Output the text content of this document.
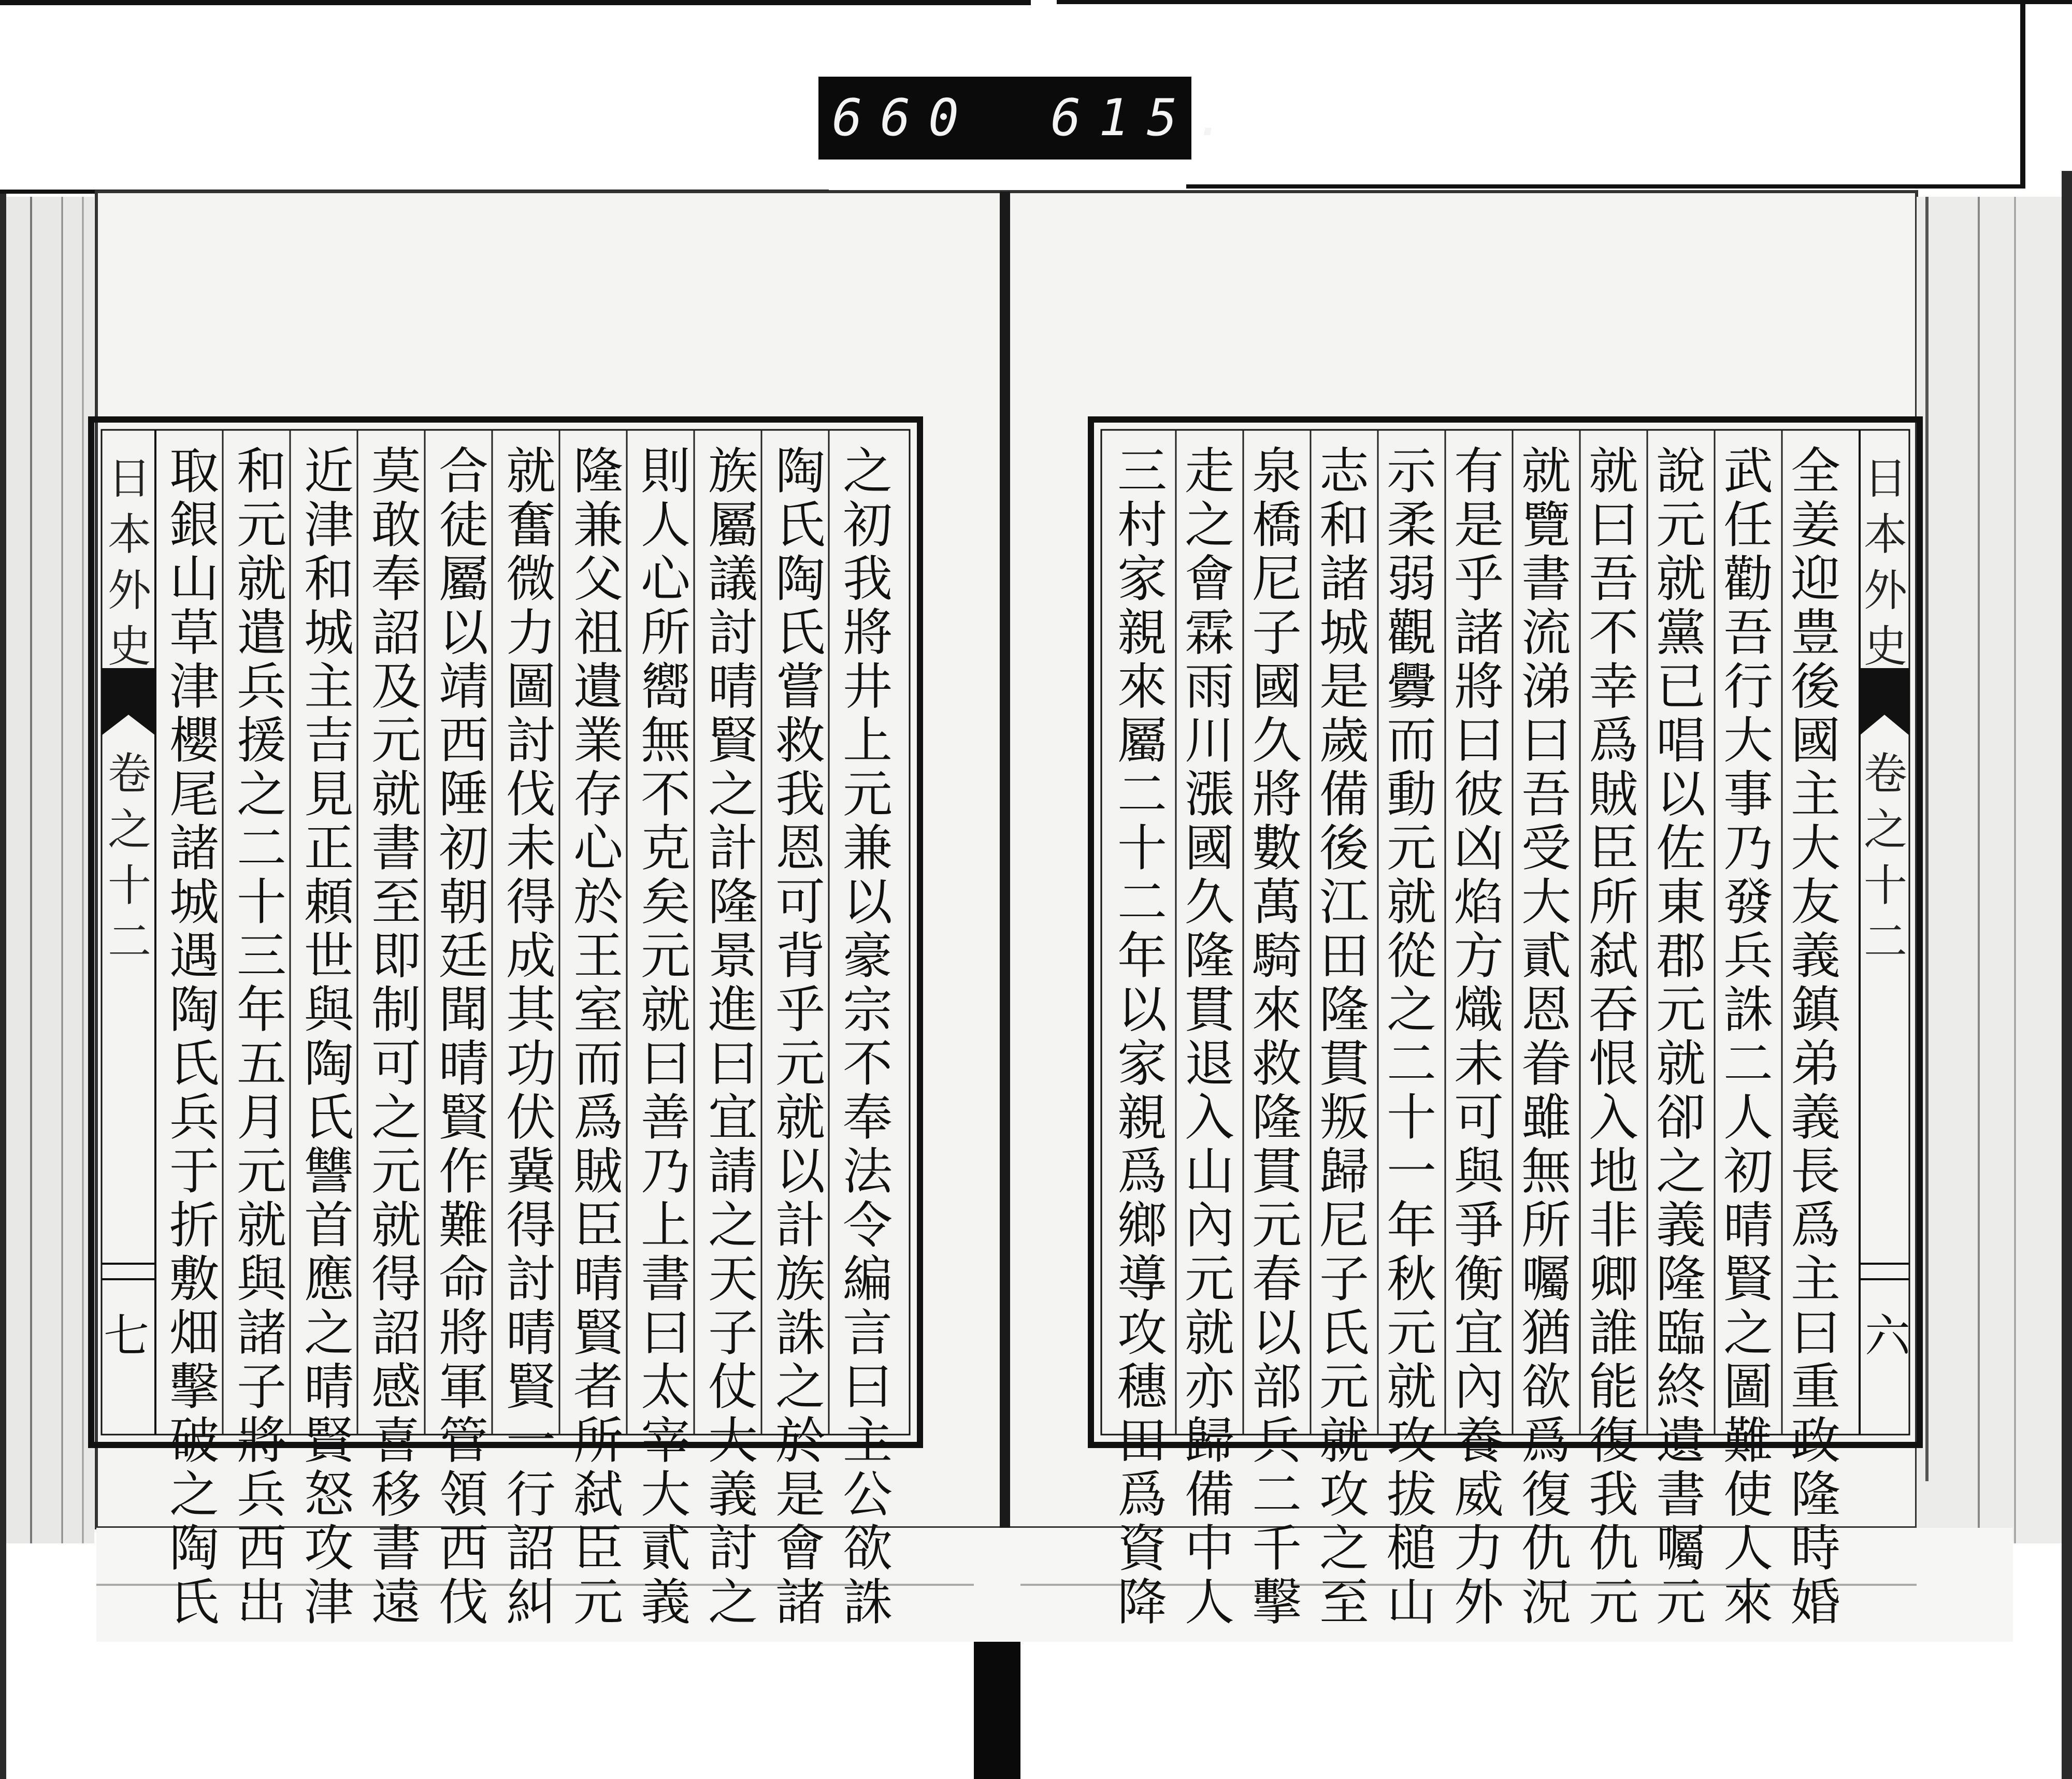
660 615.
日
本
外
史
卷
之
十
二
七
日
本
外
史
卷
之
十
二
六
之
初
我
將
井
上
元
兼
以
豪
宗
不
奉
法
令
編
言
曰
主
公
欲
誅
陶
氏
陶
氏
嘗
救
我
恩
可
背
乎
元
就
以
計
族
誅
之
於
是
會
諸
族
屬
議
討
晴
賢
之
計
隆
景
進
曰
宜
請
之
天
子
仗
大
義
討
之
則
人
心
所
嚮
無
不
克
矣
元
就
曰
善
乃
上
書
曰
太
宰
大
貳
義
隆
兼
父
祖
遺
業
存
心
於
王
室
而
爲
賊
臣
晴
賢
者
所
弑
臣
元
就
奮
微
力
圖
討
伐
未
得
成
其
功
伏
冀
得
討
晴
賢
一
行
詔
糾
合
徒
屬
以
靖
西
陲
初
朝
廷
聞
晴
賢
作
難
命
將
軍
管
領
西
伐
莫
敢
奉
詔
及
元
就
書
至
即
制
可
之
元
就
得
詔
感
喜
移
書
遠
近
津
和
城
主
吉
見
正
頼
世
與
陶
氏
讐
首
應
之
晴
賢
怒
攻
津
和
元
就
遣
兵
援
之
二
十
三
年
五
月
元
就
與
諸
子
將
兵
西
出
取
銀
山
草
津
櫻
尾
諸
城
遇
陶
氏
兵
于
折
敷
畑
擊
破
之
陶
氏
全
姜
迎
豊
後
國
主
大
友
義
鎮
弟
義
長
爲
主
曰
重
政
隆
時
婚
武
任
勸
吾
行
大
事
乃
發
兵
誅
二
人
初
晴
賢
之
圖
難
使
人
來
說
元
就
黨
已
唱
以
佐
東
郡
元
就
卻
之
義
隆
臨
終
遺
書
囑
元
就
曰
吾
不
幸
爲
賊
臣
所
弑
吞
恨
入
地
非
卿
誰
能
復
我
仇
元
就
覽
書
流
涕
曰
吾
受
大
貳
恩
眷
雖
無
所
囑
猶
欲
爲
復
仇
況
有
是
乎
諸
將
曰
彼
凶
焰
方
熾
未
可
與
爭
衡
宜
內
養
威
力
外
示
柔
弱
觀
釁
而
動
元
就
從
之
二
十
一
年
秋
元
就
攻
拔
槌
山
志
和
諸
城
是
歲
備
後
江
田
隆
貫
叛
歸
尼
子
氏
元
就
攻
之
至
泉
橋
尼
子
國
久
將
數
萬
騎
來
救
隆
貫
元
春
以
部
兵
二
千
擊
走
之
會
霖
雨
川
漲
國
久
隆
貫
退
入
山
內
元
就
亦
歸
備
中
人
三
村
家
親
來
屬
二
十
二
年
以
家
親
爲
鄉
導
攻
穗
田
爲
資
降
